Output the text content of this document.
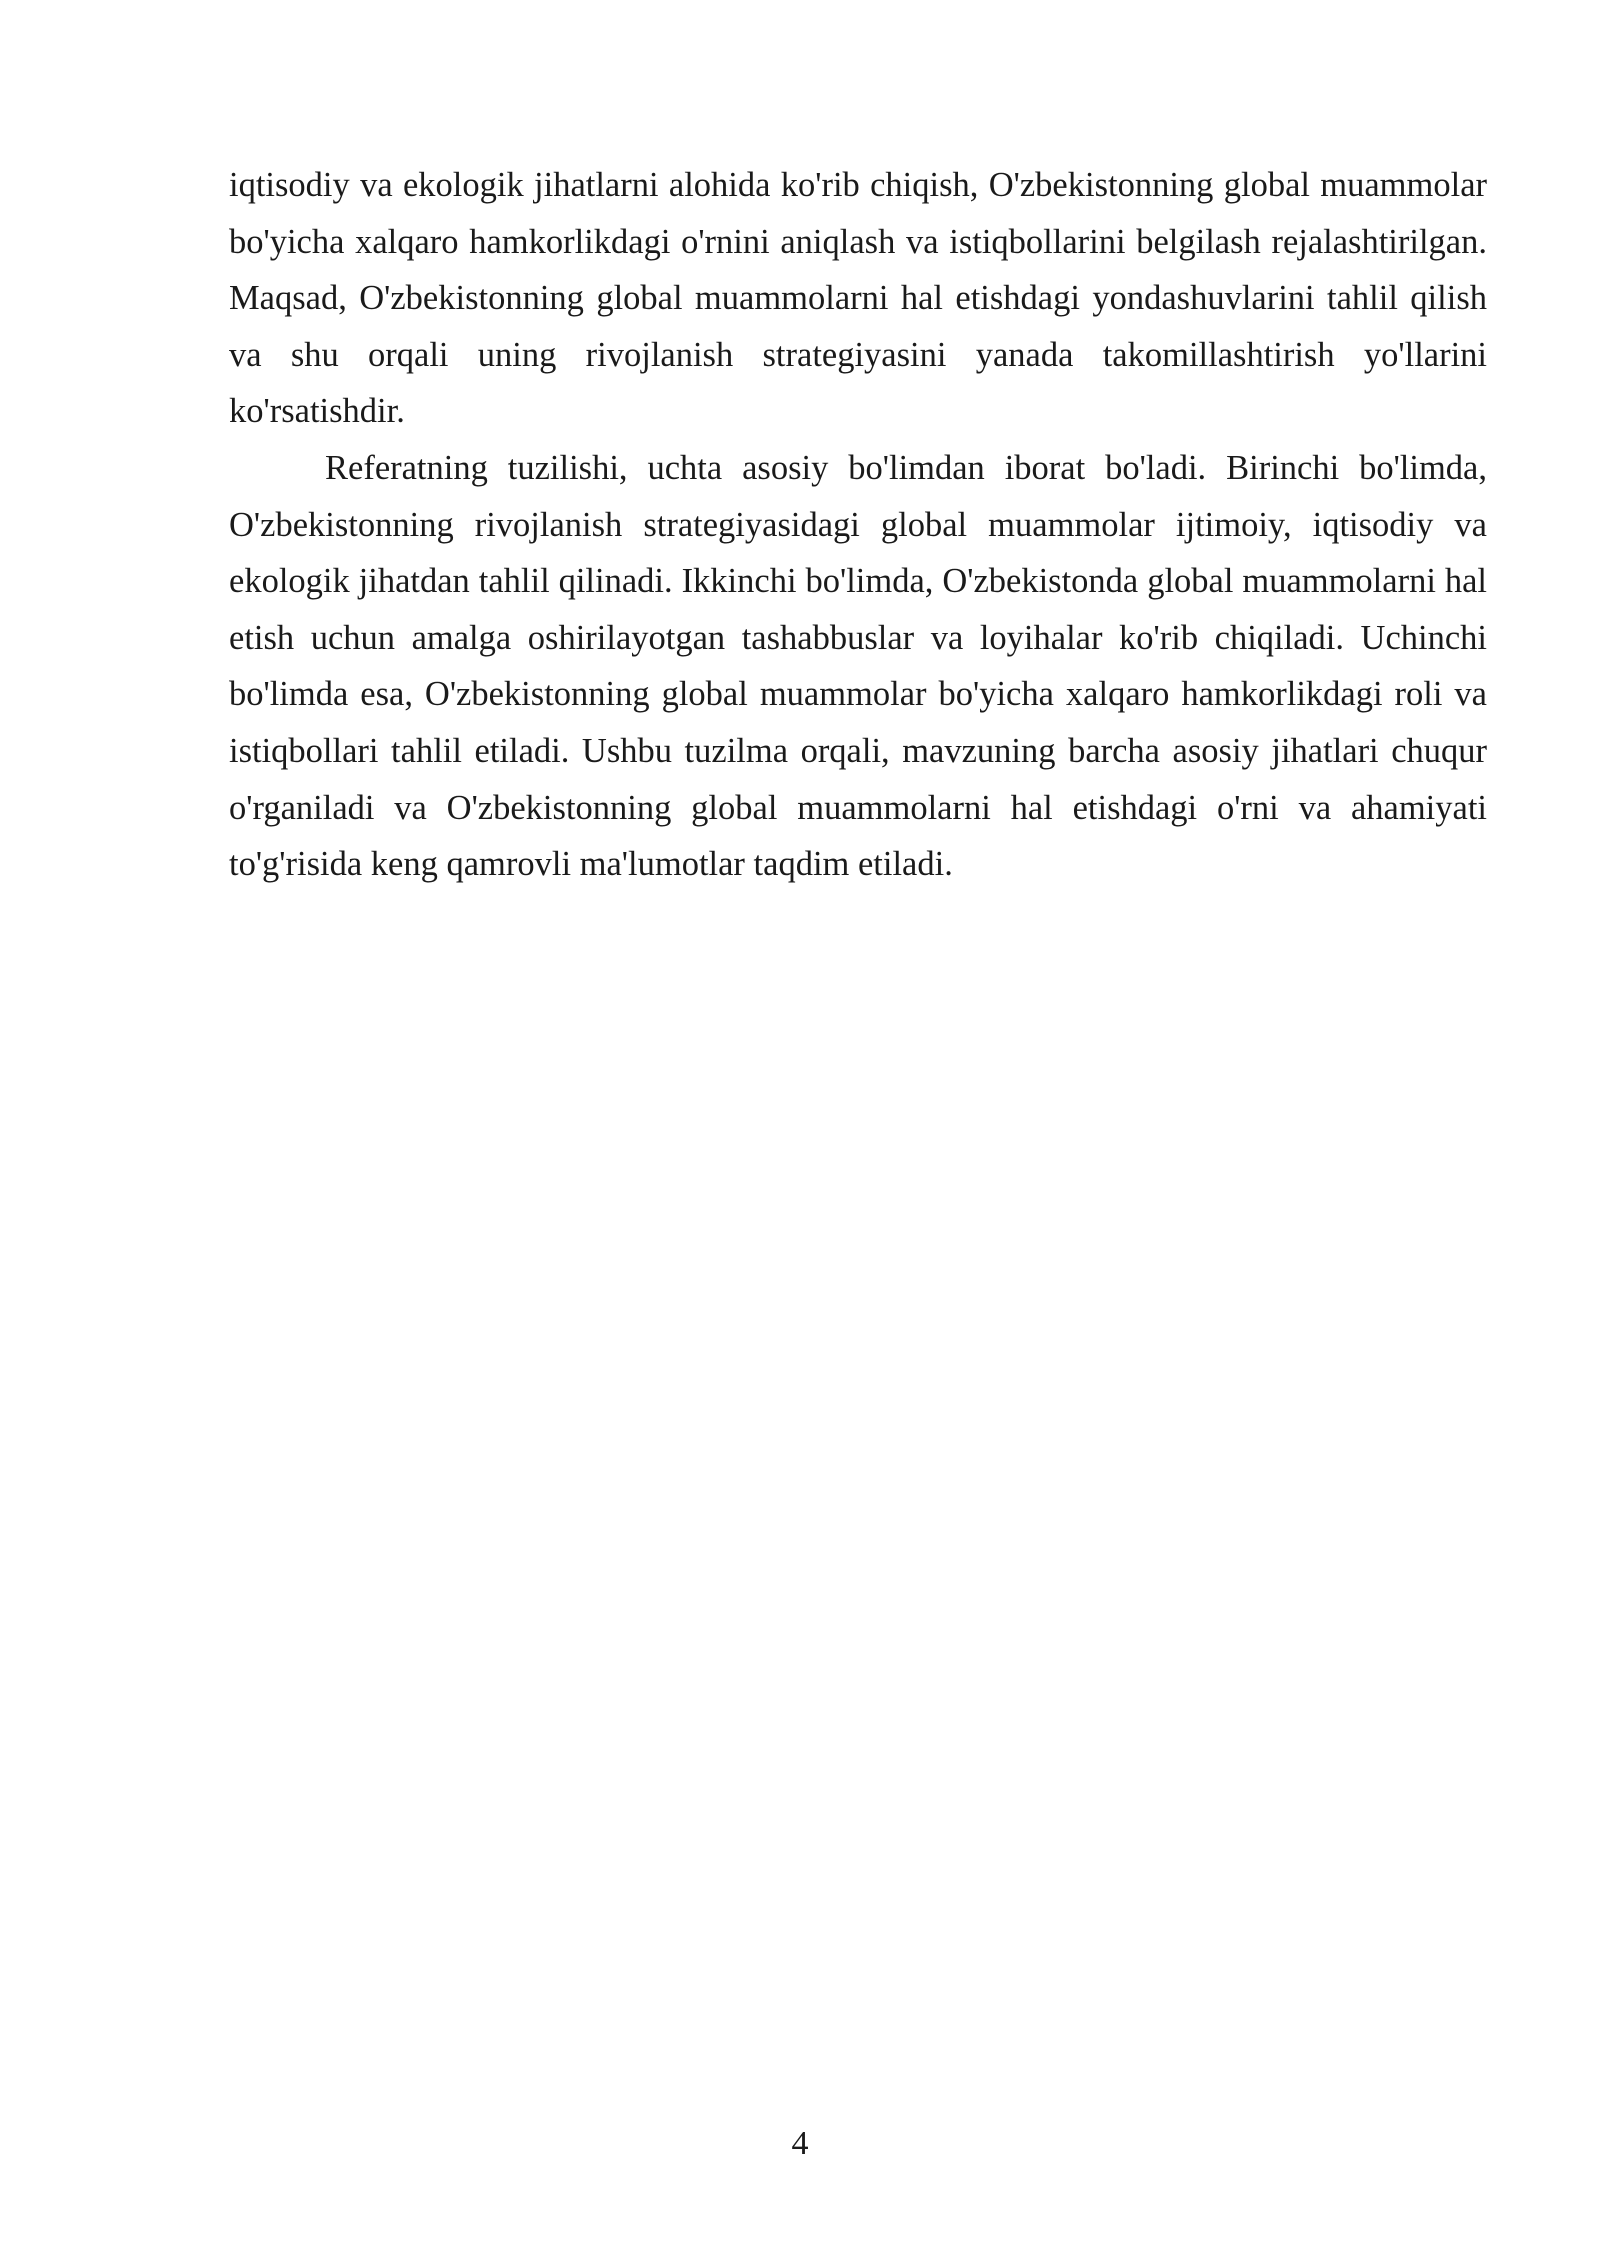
iqtisodiy va ekologik jihatlarni alohida ko'rib chiqish, O'zbekistonning global muammolar bo'yicha xalqaro hamkorlikdagi o'rnini aniqlash va istiqbollarini belgilash rejalashtirilgan. Maqsad, O'zbekistonning global muammolarni hal etishdagi yondashuvlarini tahlil qilish va shu orqali uning rivojlanish strategiyasini yanada takomillashtirish yo'llarini ko'rsatishdir.

Referatning tuzilishi, uchta asosiy bo'limdan iborat bo'ladi. Birinchi bo'limda, O'zbekistonning rivojlanish strategiyasidagi global muammolar ijtimoiy, iqtisodiy va ekologik jihatdan tahlil qilinadi. Ikkinchi bo'limda, O'zbekistonda global muammolarni hal etish uchun amalga oshirilayotgan tashabbuslar va loyihalar ko'rib chiqiladi. Uchinchi bo'limda esa, O'zbekistonning global muammolar bo'yicha xalqaro hamkorlikdagi roli va istiqbollari tahlil etiladi. Ushbu tuzilma orqali, mavzuning barcha asosiy jihatlari chuqur o'rganiladi va O'zbekistonning global muammolarni hal etishdagi o'rni va ahamiyati to'g'risida keng qamrovli ma'lumotlar taqdim etiladi.

4
